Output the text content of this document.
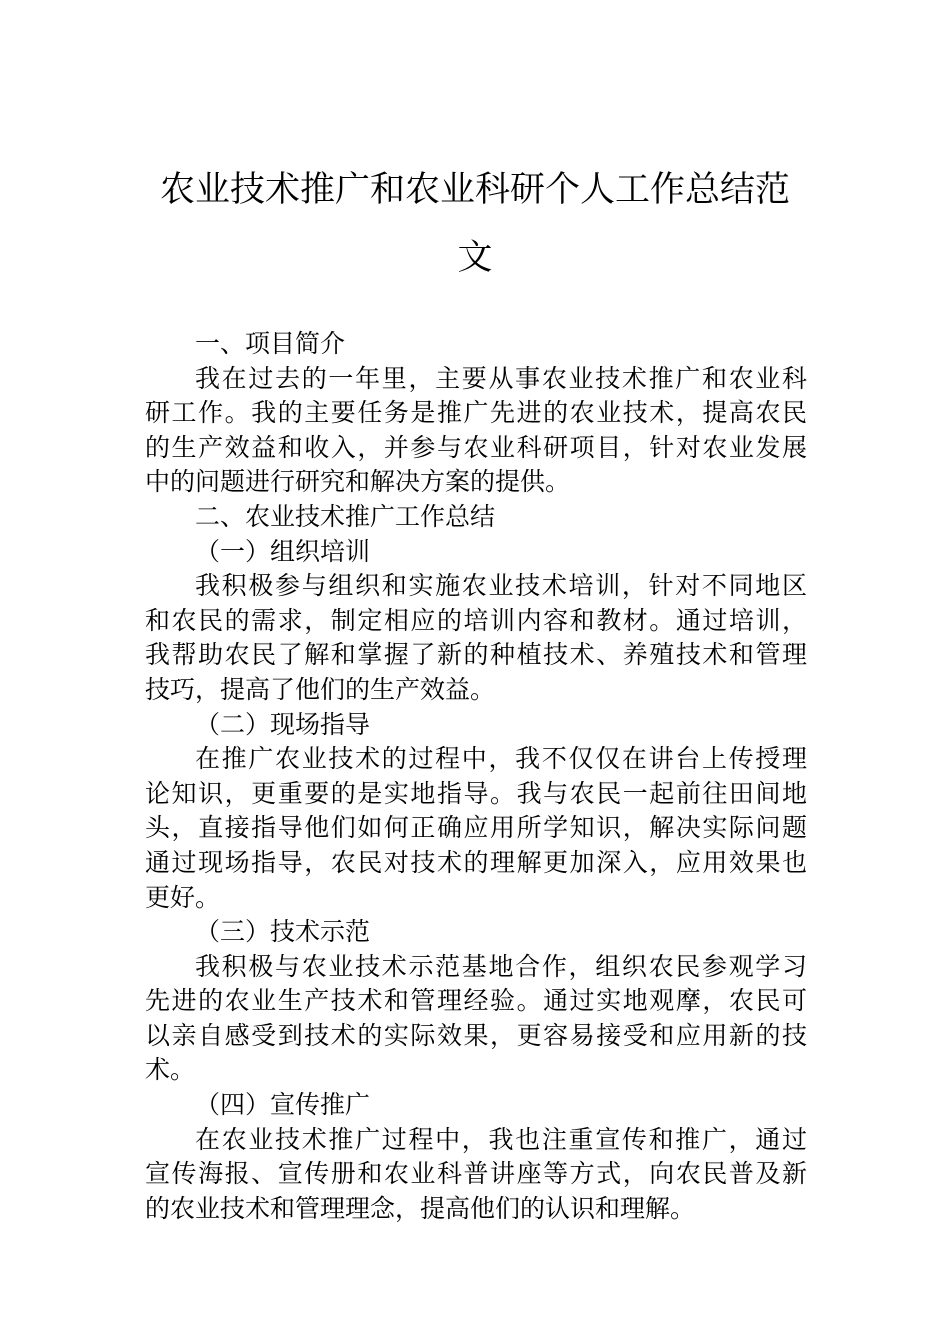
农业技术推广和农业科研个人工作总结范
文
一、项目简介
我在过去的一年里，主要从事农业技术推广和农业科
研工作。我的主要任务是推广先进的农业技术，提高农民
的生产效益和收入，并参与农业科研项目，针对农业发展
中的问题进行研究和解决方案的提供。
二、农业技术推广工作总结
（一）组织培训
我积极参与组织和实施农业技术培训，针对不同地区
和农民的需求，制定相应的培训内容和教材。通过培训，
我帮助农民了解和掌握了新的种植技术、养殖技术和管理
技巧，提高了他们的生产效益。
（二）现场指导
在推广农业技术的过程中，我不仅仅在讲台上传授理
论知识，更重要的是实地指导。我与农民一起前往田间地
头，直接指导他们如何正确应用所学知识，解决实际问题
通过现场指导，农民对技术的理解更加深入，应用效果也
更好。
（三）技术示范
我积极与农业技术示范基地合作，组织农民参观学习
先进的农业生产技术和管理经验。通过实地观摩，农民可
以亲自感受到技术的实际效果，更容易接受和应用新的技
术。
（四）宣传推广
在农业技术推广过程中，我也注重宣传和推广，通过
宣传海报、宣传册和农业科普讲座等方式，向农民普及新
的农业技术和管理理念，提高他们的认识和理解。
